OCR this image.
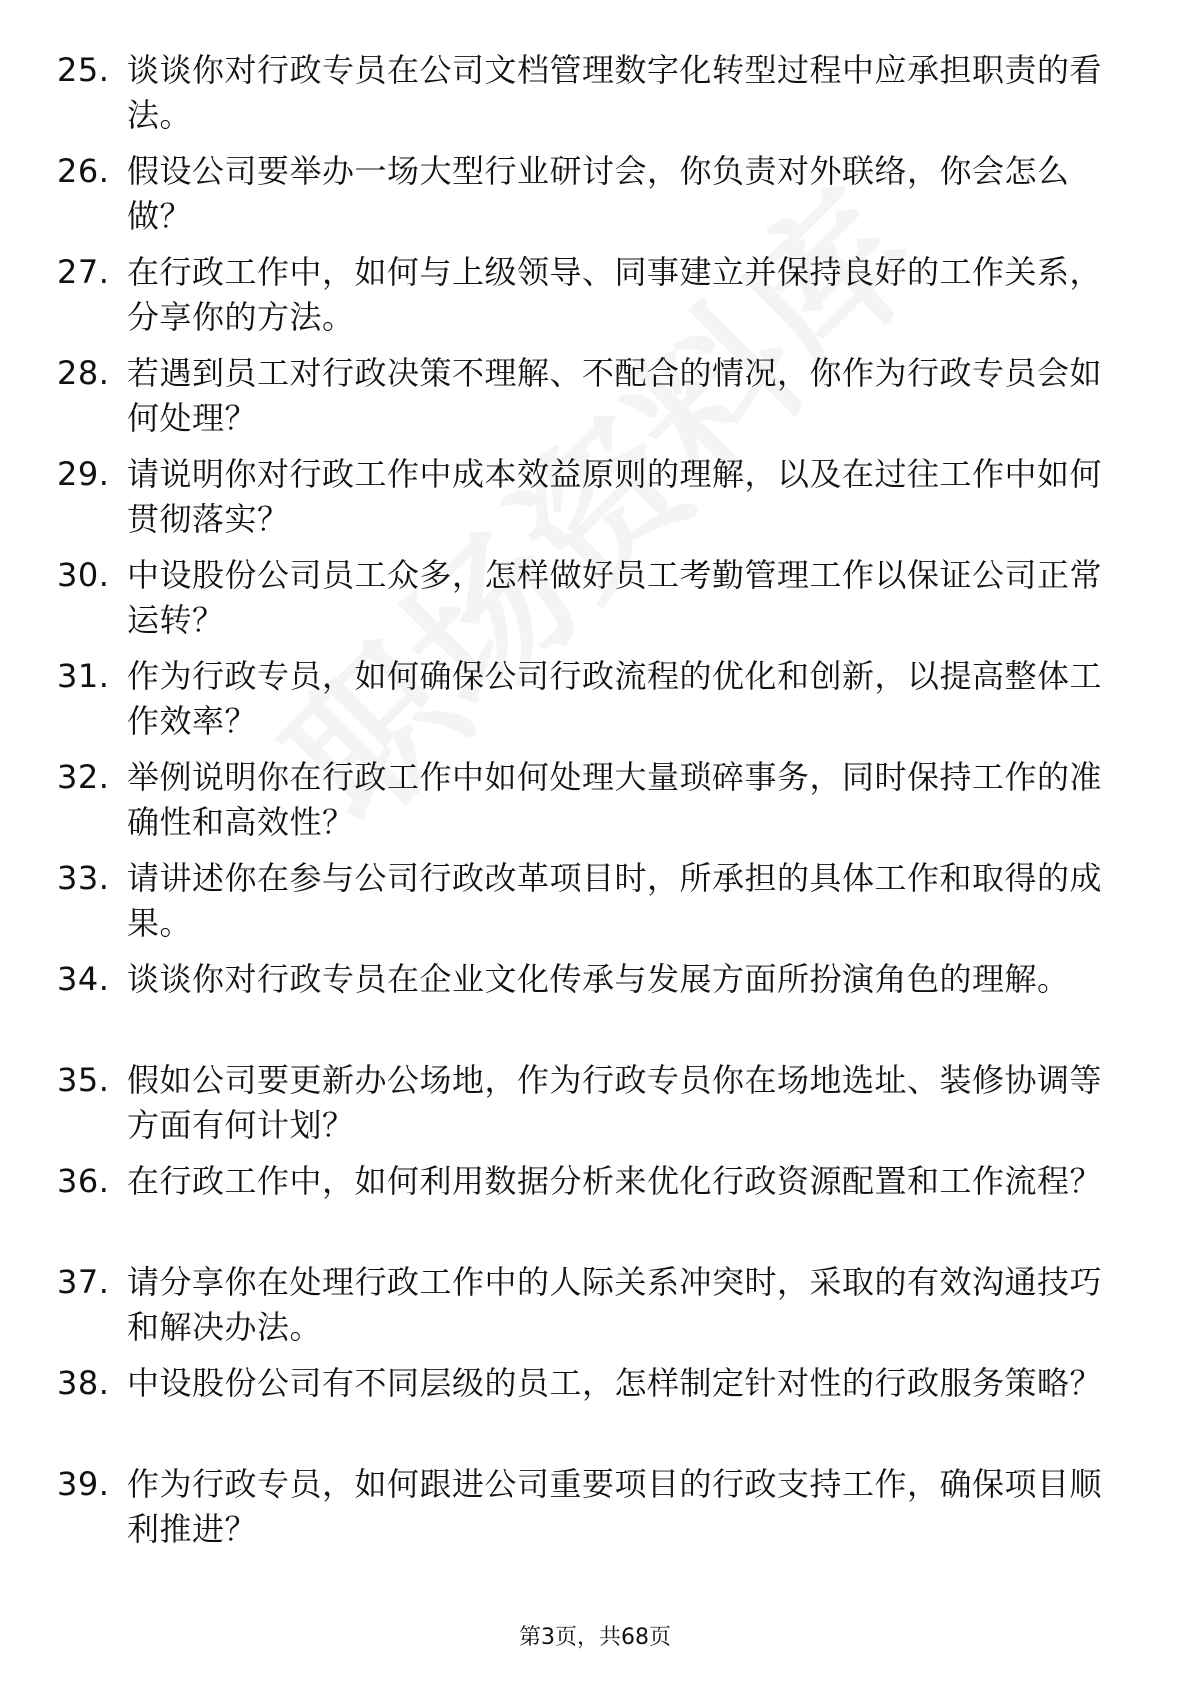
25. 谈谈你对行政专员在公司文档管理数字化转型过程中应承担职责的看法。
26. 假设公司要举办一场大型行业研讨会，你负责对外联络，你会怎么做？
27. 在行政工作中，如何与上级领导、同事建立并保持良好的工作关系，分享你的方法。
28. 若遇到员工对行政决策不理解、不配合的情况，你作为行政专员会如何处理？
29. 请说明你对行政工作中成本效益原则的理解，以及在过往工作中如何贯彻落实？
30. 中设股份公司员工众多，怎样做好员工考勤管理工作以保证公司正常运转？
31. 作为行政专员，如何确保公司行政流程的优化和创新，以提高整体工作效率？
32. 举例说明你在行政工作中如何处理大量琐碎事务，同时保持工作的准确性和高效性？
33. 请讲述你在参与公司行政改革项目时，所承担的具体工作和取得的成果。
34. 谈谈你对行政专员在企业文化传承与发展方面所扮演角色的理解。
35. 假如公司要更新办公场地，作为行政专员你在场地选址、装修协调等方面有何计划？
36. 在行政工作中，如何利用数据分析来优化行政资源配置和工作流程？
37. 请分享你在处理行政工作中的人际关系冲突时，采取的有效沟通技巧和解决办法。
38. 中设股份公司有不同层级的员工，怎样制定针对性的行政服务策略？
39. 作为行政专员，如何跟进公司重要项目的行政支持工作，确保项目顺利推进？
第3页，共68页
